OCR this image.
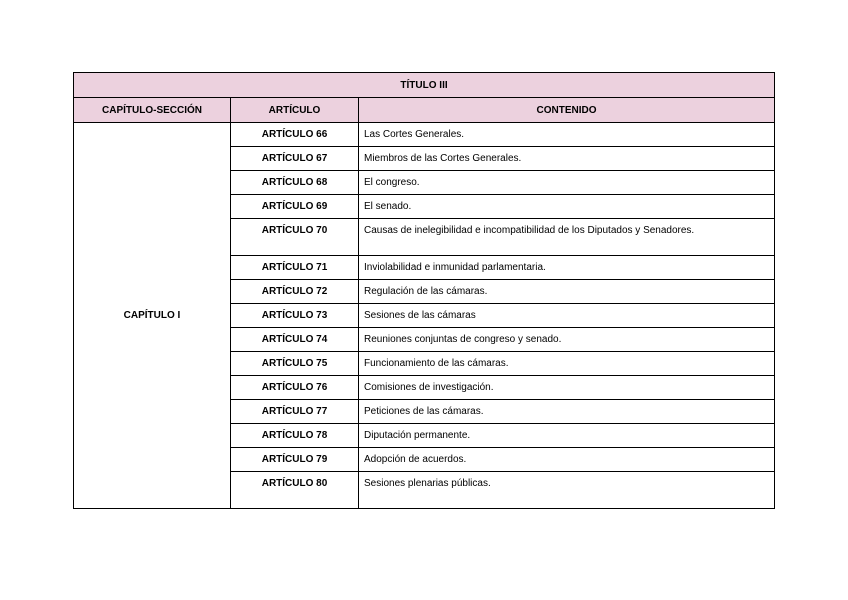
TÍTULO III		
CAPÍTULO-SECCIÓN	ARTÍCULO	CONTENIDO
CAPÍTULO I	ARTÍCULO 66	Las Cortes Generales.
	ARTÍCULO 67	Miembros de las Cortes Generales.
	ARTÍCULO 68	El congreso.
	ARTÍCULO 69	El senado.
	ARTÍCULO 70	Causas de inelegibilidad e incompatibilidad de los Diputados y Senadores.
	ARTÍCULO 71	Inviolabilidad e inmunidad parlamentaria.
	ARTÍCULO 72	Regulación de las cámaras.
	ARTÍCULO 73	Sesiones de las cámaras
	ARTÍCULO 74	Reuniones conjuntas de congreso y senado.
	ARTÍCULO 75	Funcionamiento de las cámaras.
	ARTÍCULO 76	Comisiones de investigación.
	ARTÍCULO 77	Peticiones de las cámaras.
	ARTÍCULO 78	Diputación permanente.
	ARTÍCULO 79	Adopción de acuerdos.
	ARTÍCULO 80	Sesiones plenarias públicas.
